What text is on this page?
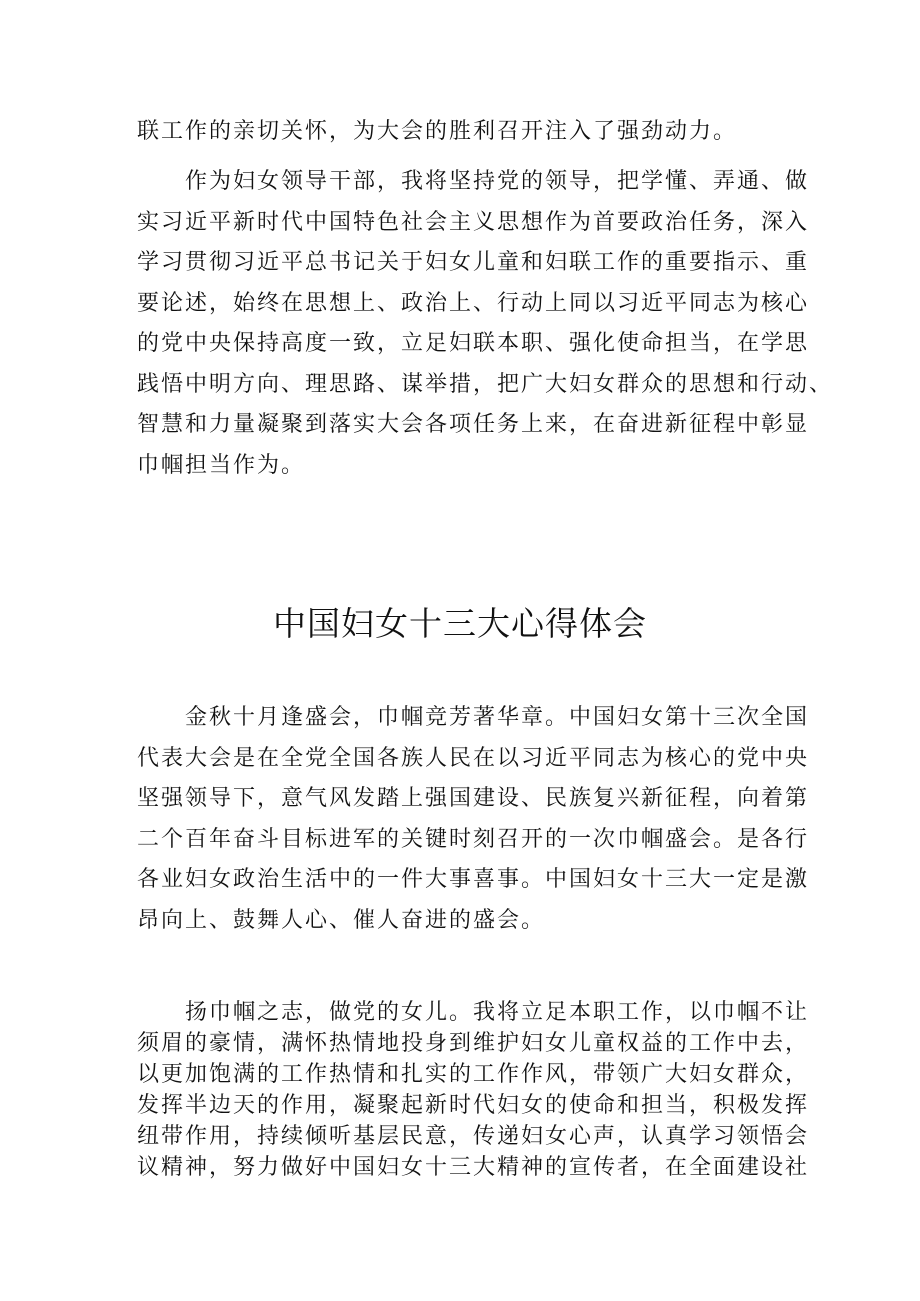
联工作的亲切关怀，为大会的胜利召开注入了强劲动力。

作为妇女领导干部，我将坚持党的领导，把学懂、弄通、做
实习近平新时代中国特色社会主义思想作为首要政治任务，深入
学习贯彻习近平总书记关于妇女儿童和妇联工作的重要指示、重
要论述，始终在思想上、政治上、行动上同以习近平同志为核心
的党中央保持高度一致，立足妇联本职、强化使命担当，在学思
践悟中明方向、理思路、谋举措，把广大妇女群众的思想和行动、
智慧和力量凝聚到落实大会各项任务上来，在奋进新征程中彰显
巾帼担当作为。

中国妇女十三大心得体会

金秋十月逢盛会，巾帼竞芳著华章。中国妇女第十三次全国
代表大会是在全党全国各族人民在以习近平同志为核心的党中央
坚强领导下，意气风发踏上强国建设、民族复兴新征程，向着第
二个百年奋斗目标进军的关键时刻召开的一次巾帼盛会。是各行
各业妇女政治生活中的一件大事喜事。中国妇女十三大一定是激
昂向上、鼓舞人心、催人奋进的盛会。

扬巾帼之志，做党的女儿。我将立足本职工作，以巾帼不让
须眉的豪情，满怀热情地投身到维护妇女儿童权益的工作中去，
以更加饱满的工作热情和扎实的工作作风，带领广大妇女群众，
发挥半边天的作用，凝聚起新时代妇女的使命和担当，积极发挥
纽带作用，持续倾听基层民意，传递妇女心声，认真学习领悟会
议精神，努力做好中国妇女十三大精神的宣传者，在全面建设社
